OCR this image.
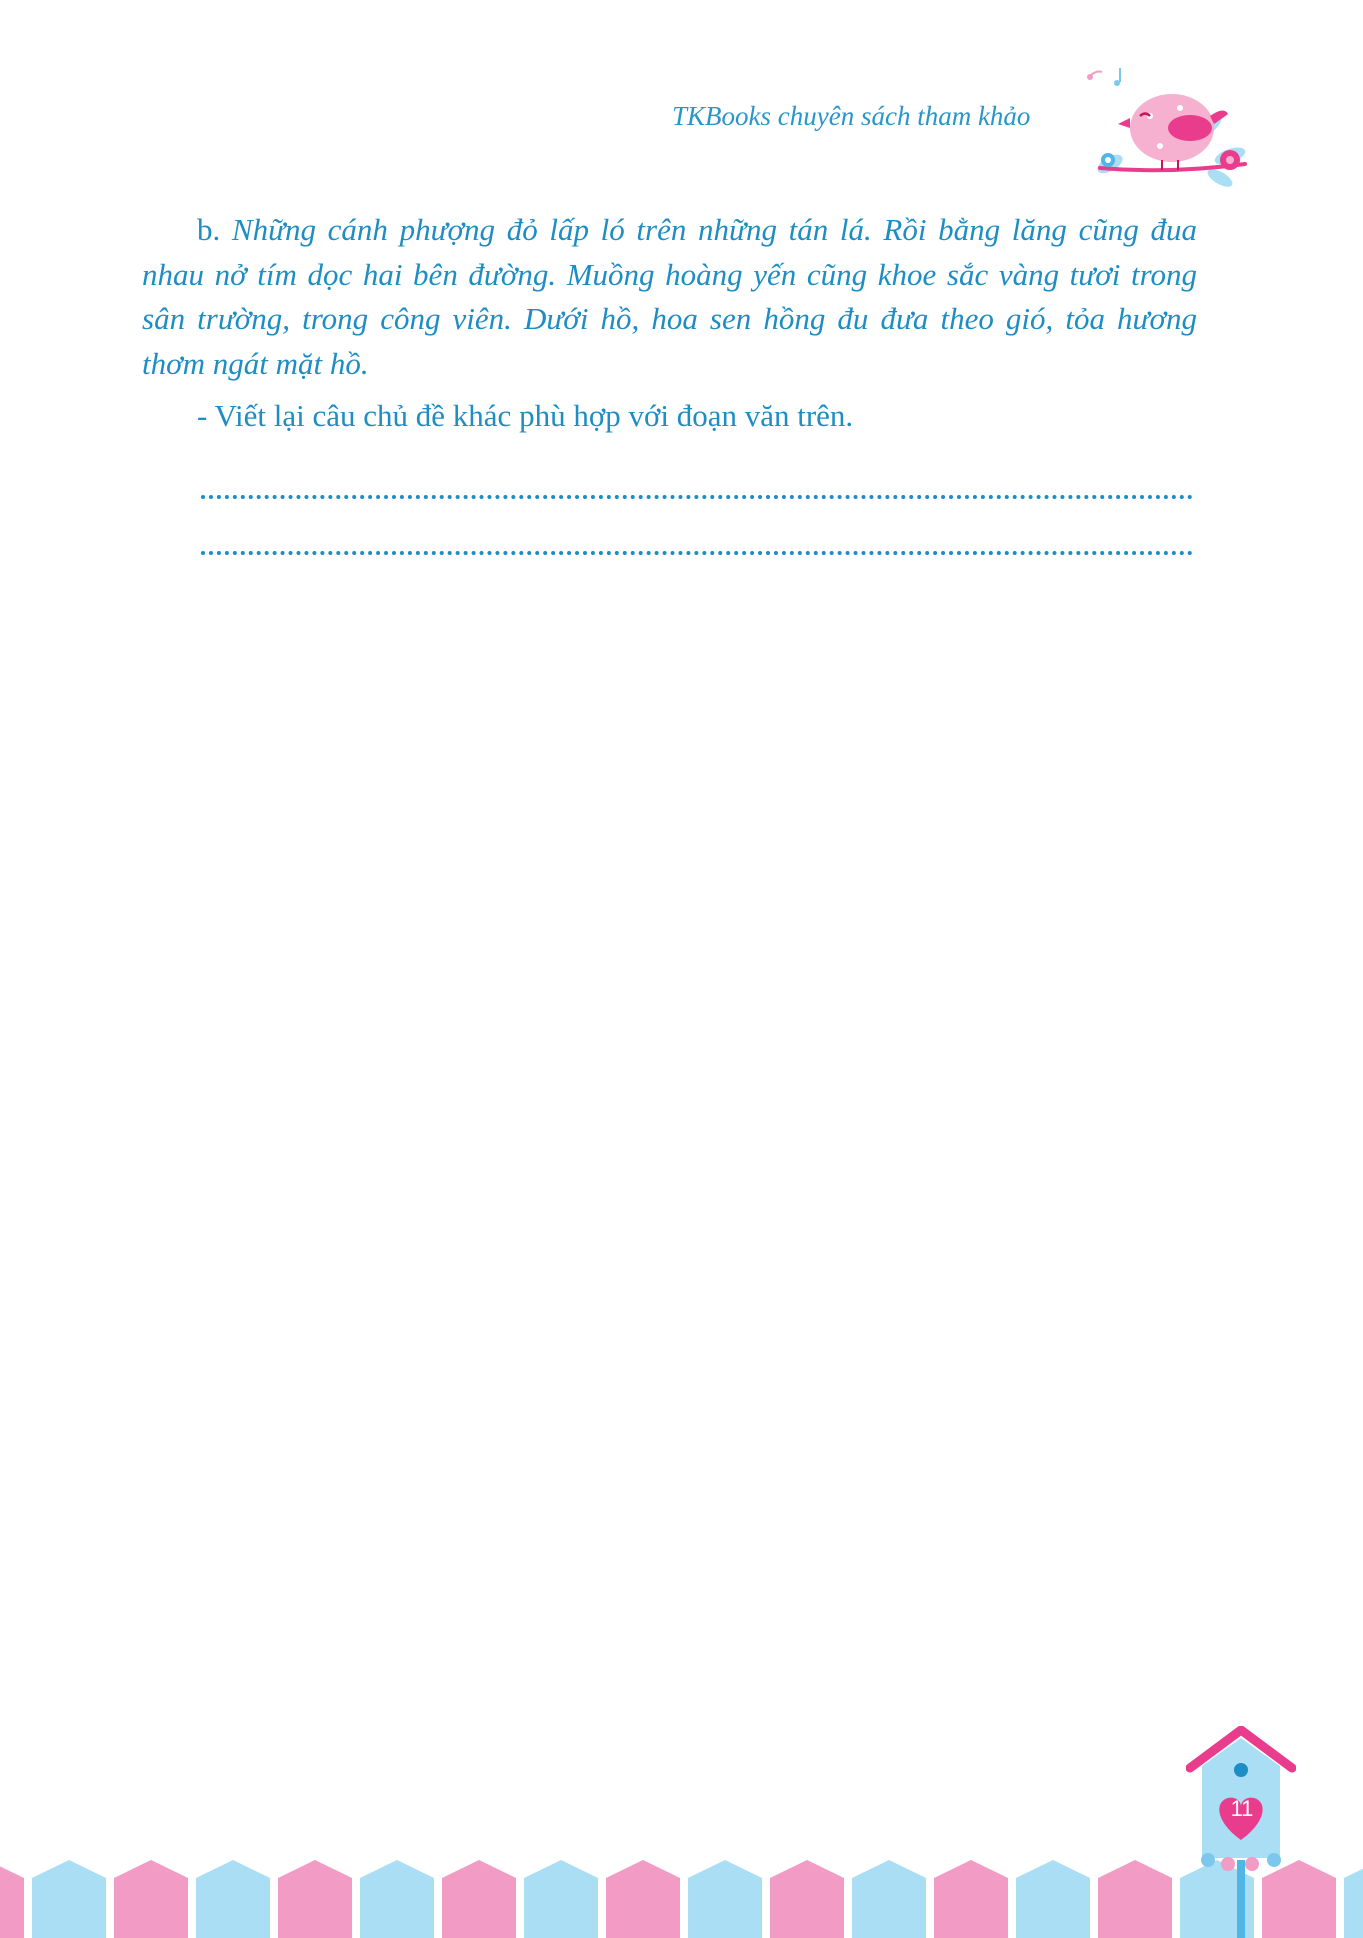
TKBooks chuyên sách tham khảo

b. Những cánh phượng đỏ lấp ló trên những tán lá. Rồi bằng lăng cũng đua nhau nở tím dọc hai bên đường. Muồng hoàng yến cũng khoe sắc vàng tươi trong sân trường, trong công viên. Dưới hồ, hoa sen hồng đu đưa theo gió, tỏa hương thơm ngát mặt hồ.

- Viết lại câu chủ đề khác phù hợp với đoạn văn trên.
11
